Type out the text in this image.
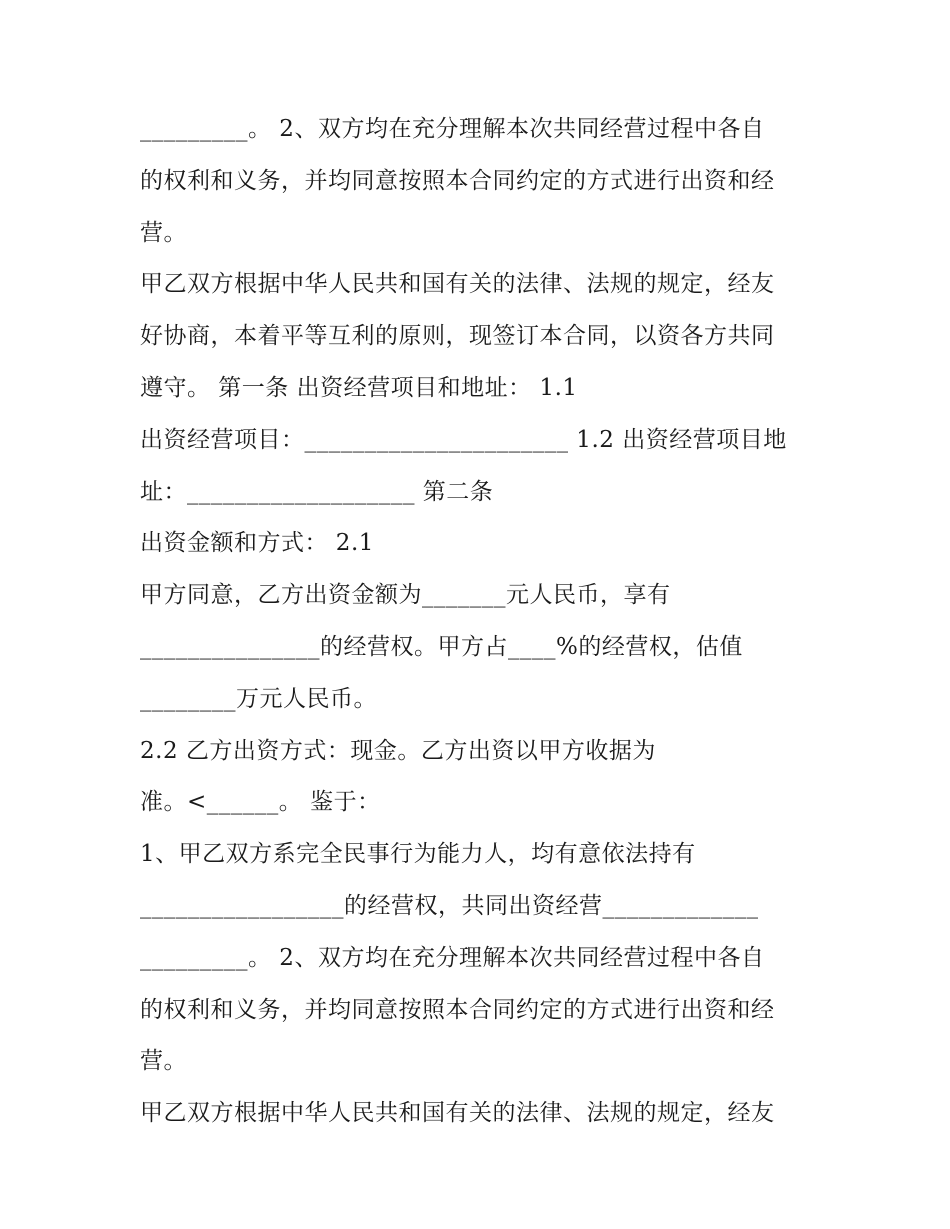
_________。 2、双方均在充分理解本次共同经营过程中各自
的权利和义务，并均同意按照本合同约定的方式进行出资和经
营。
甲乙双方根据中华人民共和国有关的法律、法规的规定，经友
好协商，本着平等互利的原则，现签订本合同，以资各方共同
遵守。 第一条 出资经营项目和地址： 1.1
出资经营项目：______________________ 1.2 出资经营项目地
址：___________________ 第二条
出资金额和方式： 2.1
甲方同意，乙方出资金额为_______元人民币，享有
_______________的经营权。甲方占____%的经营权，估值
________万元人民币。
2.2 乙方出资方式：现金。乙方出资以甲方收据为
准。<______。 鉴于：
1、甲乙双方系完全民事行为能力人，均有意依法持有
_________________的经营权，共同出资经营_____________
_________。 2、双方均在充分理解本次共同经营过程中各自
的权利和义务，并均同意按照本合同约定的方式进行出资和经
营。
甲乙双方根据中华人民共和国有关的法律、法规的规定，经友
